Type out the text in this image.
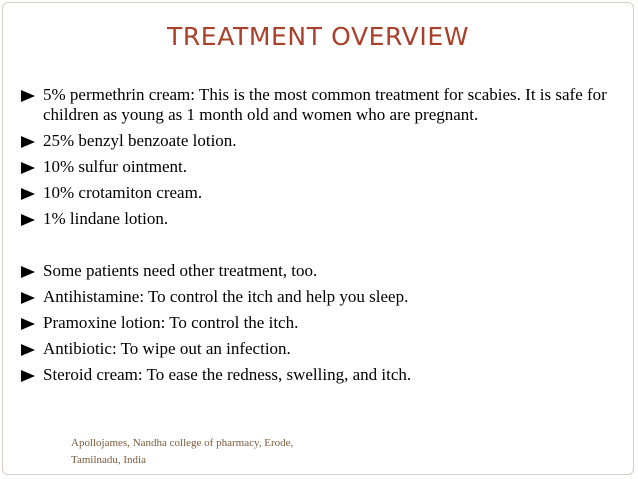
TREATMENT OVERVIEW
5% permethrin cream: This is the most common treatment for scabies. It is safe for children as young as 1 month old and women who are pregnant.
25% benzyl benzoate lotion.
10% sulfur ointment.
10% crotamiton cream.
1% lindane lotion.
Some patients need other treatment, too.
Antihistamine: To control the itch and help you sleep.
Pramoxine lotion: To control the itch.
Antibiotic: To wipe out an infection.
Steroid cream: To ease the redness, swelling, and itch.
Apollojames, Nandha college of pharmacy, Erode,
Tamilnadu, India
